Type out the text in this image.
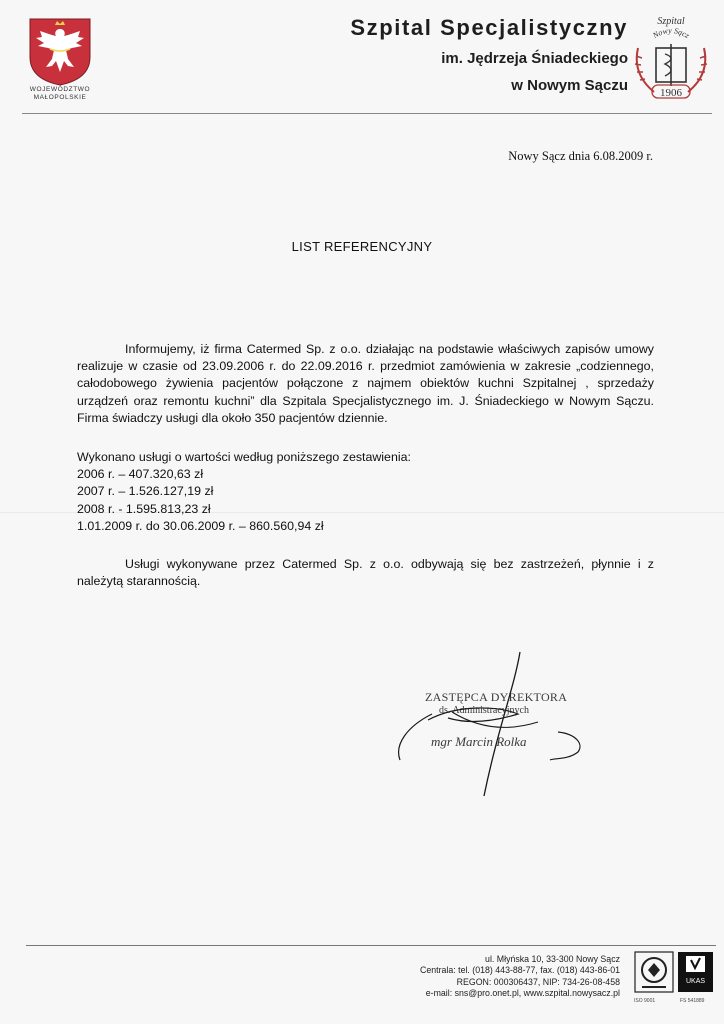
WOJEWÓDZTWO
MAŁOPOLSKIE
Szpital Specjalistyczny
im. Jędrzeja Śniadeckiego
w Nowym Sączu
Szpital
Nowy Sącz
1906
Nowy Sącz dnia 6.08.2009 r.
LIST REFERENCYJNY
Informujemy, iż firma Catermed Sp. z o.o. działając na podstawie właściwych zapisów umowy realizuje w czasie od 23.09.2006 r. do 22.09.2016 r. przedmiot zamówienia w zakresie „codziennego, całodobowego żywienia pacjentów połączone z najmem obiektów kuchni Szpitalnej , sprzedaży urządzeń oraz remontu kuchni” dla Szpitala Specjalistycznego im. J. Śniadeckiego w Nowym Sączu. Firma świadczy usługi dla około 350 pacjentów dziennie.
Wykonano usługi o wartości według poniższego zestawienia:
2006 r. – 407.320,63 zł
2007 r. – 1.526.127,19 zł
2008 r. - 1.595.813,23 zł
1.01.2009 r. do 30.06.2009 r. – 860.560,94 zł
Usługi wykonywane przez Catermed Sp. z o.o. odbywają się bez zastrzeżeń, płynnie i z należytą starannością.
ZASTĘPCA DYREKTORA
ds. Administracyjnych
mgr Marcin Rolka
ul. Młyńska 10, 33-300 Nowy Sącz
Centrala: tel. (018) 443-88-77, fax. (018) 443-86-01
REGON: 000306437, NIP: 734-26-08-458
e-mail: sns@pro.onet.pl, www.szpital.nowysacz.pl
UKAS
ISO 9001	FS 541889
